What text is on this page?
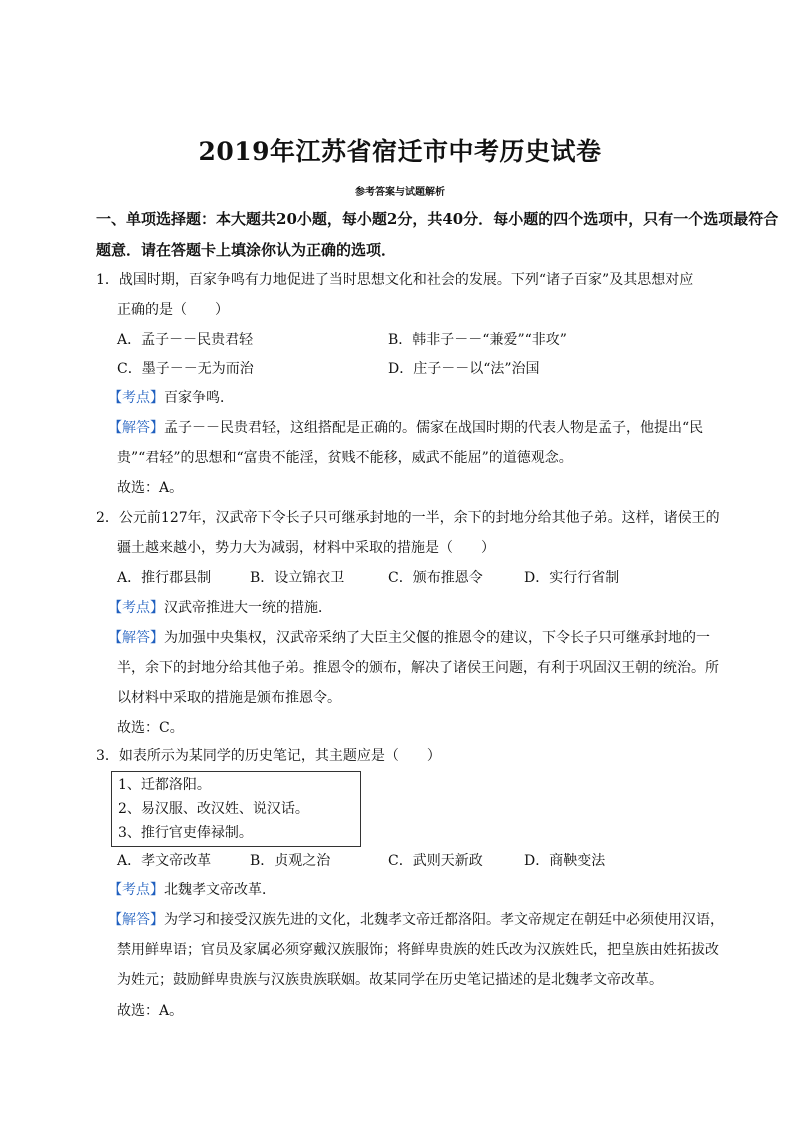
2019年江苏省宿迁市中考历史试卷
参考答案与试题解析
一、单项选择题：本大题共20小题，每小题2分，共40分．每小题的四个选项中，只有一个选项最符合
题意．请在答题卡上填涂你认为正确的选项．
1．战国时期，百家争鸣有力地促进了当时思想文化和社会的发展。下列“诸子百家”及其思想对应
正确的是（　　）
A．孟子－－民贵君轻	B．韩非子－－“兼爱”“非攻”
C．墨子－－无为而治	D．庄子－－以“法”治国
【考点】百家争鸣．
【解答】孟子－－民贵君轻，这组搭配是正确的。儒家在战国时期的代表人物是孟子，他提出“民
贵”“君轻”的思想和“富贵不能淫，贫贱不能移，威武不能屈”的道德观念。
故选：A。
2．公元前127年，汉武帝下令长子只可继承封地的一半，余下的封地分给其他子弟。这样，诸侯王的
疆土越来越小，势力大为减弱，材料中采取的措施是（　　）
A．推行郡县制	B．设立锦衣卫	C．颁布推恩令	D．实行行省制
【考点】汉武帝推进大一统的措施．
【解答】为加强中央集权，汉武帝采纳了大臣主父偃的推恩令的建议，下令长子只可继承封地的一
半，余下的封地分给其他子弟。推恩令的颁布，解决了诸侯王问题，有利于巩固汉王朝的统治。所
以材料中采取的措施是颁布推恩令。
故选：C。
3．如表所示为某同学的历史笔记，其主题应是（　　）
1、迁都洛阳。
2、易汉服、改汉姓、说汉话。
3、推行官吏俸禄制。
A．孝文帝改革	B．贞观之治	C．武则天新政	D．商鞅变法
【考点】北魏孝文帝改革．
【解答】为学习和接受汉族先进的文化，北魏孝文帝迁都洛阳。孝文帝规定在朝廷中必须使用汉语，
禁用鲜卑语；官员及家属必须穿戴汉族服饰；将鲜卑贵族的姓氏改为汉族姓氏，把皇族由姓拓拔改
为姓元；鼓励鲜卑贵族与汉族贵族联姻。故某同学在历史笔记描述的是北魏孝文帝改革。
故选：A。
